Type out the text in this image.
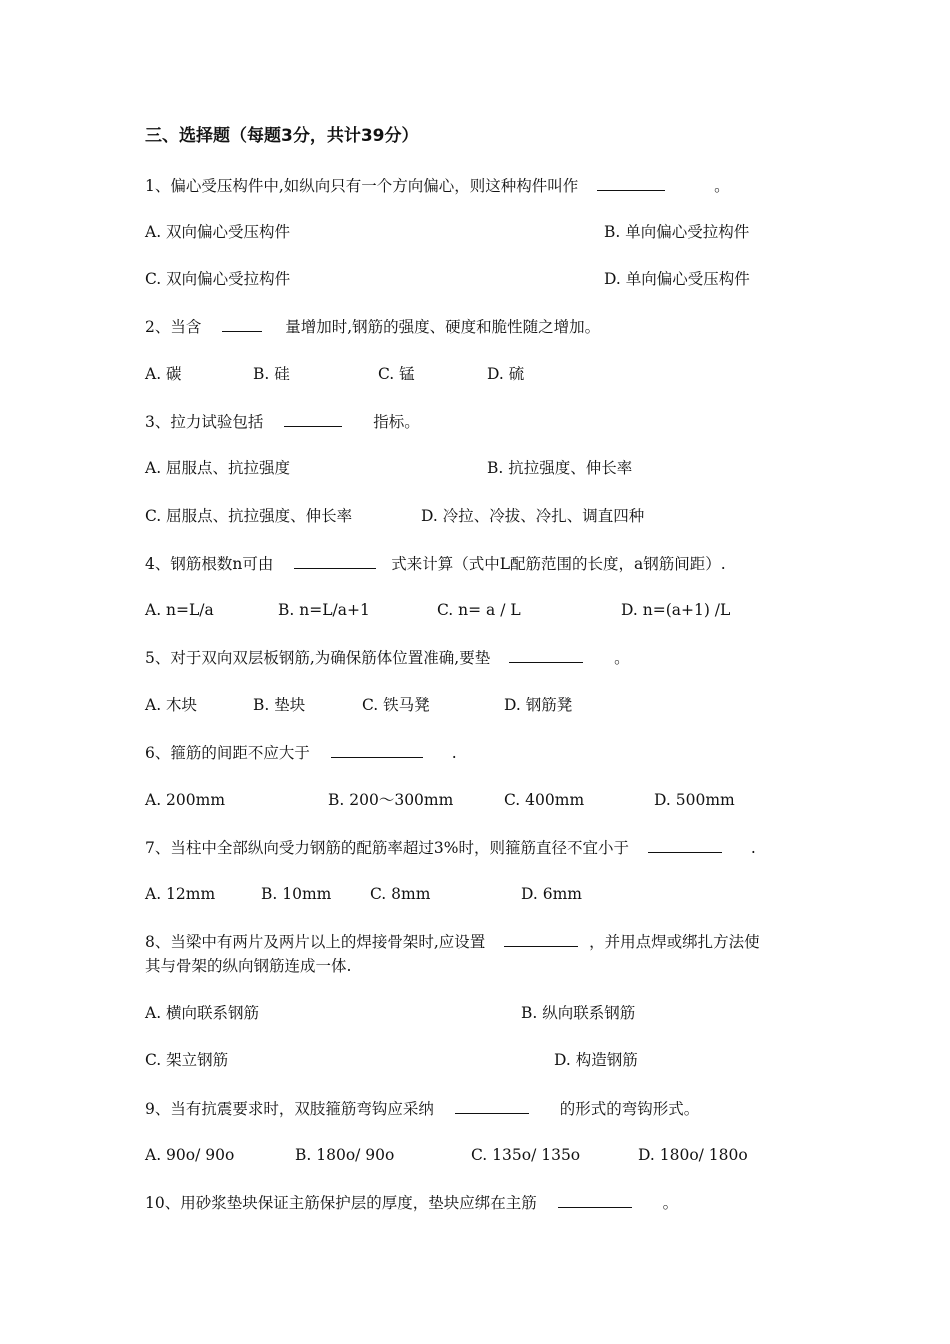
三、选择题（每题3分，共计39分）
1、偏心受压构件中,如纵向只有一个方向偏心，则这种构件叫作	。
A. 双向偏心受压构件	B. 单向偏心受拉构件
C. 双向偏心受拉构件	D. 单向偏心受压构件
2、当含	量增加时,钢筋的强度、硬度和脆性随之增加。
A. 碳	B. 硅	C. 锰	D. 硫
3、拉力试验包括	指标。
A. 屈服点、抗拉强度	B. 抗拉强度、伸长率
C. 屈服点、抗拉强度、伸长率	D. 冷拉、冷拔、冷扎、调直四种
4、钢筋根数n可由	式来计算（式中L配筋范围的长度，a钢筋间距）.
A. n=L/a	B. n=L/a+1	C. n= a / L	D. n=(a+1) /L
5、对于双向双层板钢筋,为确保筋体位置准确,要垫	。
A. 木块	B. 垫块	C. 铁马凳	D. 钢筋凳
6、箍筋的间距不应大于	.
A. 200mm	B. 200～300mm	C. 400mm	D. 500mm
7、当柱中全部纵向受力钢筋的配筋率超过3%时，则箍筋直径不宜小于	.
A. 12mm	B. 10mm C. 8mm	D. 6mm
8、当梁中有两片及两片以上的焊接骨架时,应设置	，并用点焊或绑扎方法使
其与骨架的纵向钢筋连成一体.
A. 横向联系钢筋	B. 纵向联系钢筋
C. 架立钢筋	D. 构造钢筋
9、当有抗震要求时，双肢箍筋弯钩应采纳	的形式的弯钩形式。
A. 90o/ 90o	B. 180o/ 90o	C. 135o/ 135o	D. 180o/ 180o
10、用砂浆垫块保证主筋保护层的厚度，垫块应绑在主筋	。
